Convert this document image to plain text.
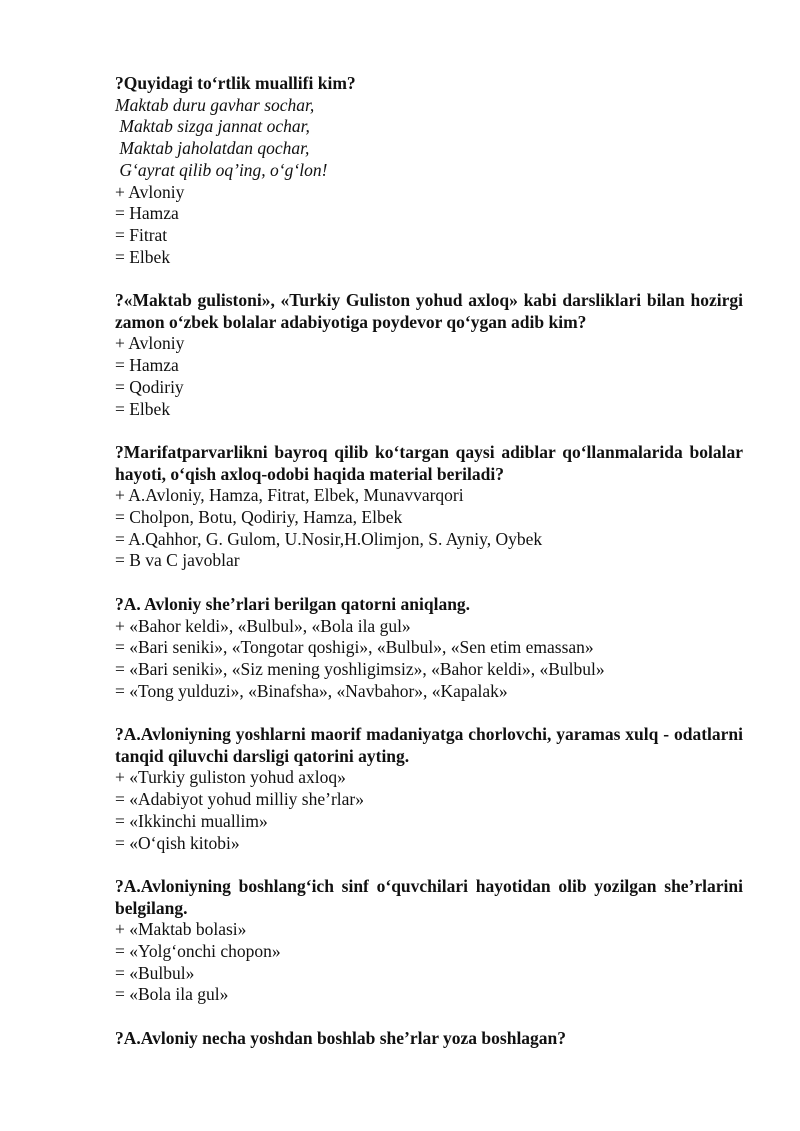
?Quyidagi to‘rtlik muallifi kim?
Maktab duru gavhar sochar,
Maktab sizga jannat ochar,
Maktab jaholatdan qochar,
G‘ayrat qilib oq’ing, o‘g‘lon!
+ Avloniy
= Hamza
= Fitrat
= Elbek
?«Maktab gulistoni», «Turkiy Guliston yohud axloq» kabi darsliklari bilan hozirgi zamon o‘zbek bolalar adabiyotiga poydevor qo‘ygan adib kim?
+ Avloniy
= Hamza
= Qodiriy
= Elbek
?Marifatparvarlikni bayroq qilib ko‘targan qaysi adiblar qo‘llanmalarida bolalar hayoti, o‘qish axloq-odobi haqida material beriladi?
+ A.Avloniy, Hamza, Fitrat, Elbek, Munavvarqori
= Cholpon, Botu, Qodiriy, Hamza, Elbek
= A.Qahhor, G. Gulom, U.Nosir,H.Olimjon, S. Ayniy, Oybek
= B va C javoblar
?A. Avloniy she’rlari berilgan qatorni aniqlang.
+ «Bahor keldi», «Bulbul», «Bola ila gul»
= «Bari seniki», «Tongotar qoshigi», «Bulbul», «Sen etim emassan»
= «Bari seniki», «Siz mening yoshligimsiz», «Bahor keldi», «Bulbul»
= «Tong yulduzi», «Binafsha», «Navbahor», «Kapalak»
?A.Avloniyning yoshlarni maorif madaniyatga chorlovchi, yaramas xulq - odatlarni tanqid qiluvchi darsligi qatorini ayting.
+ «Turkiy guliston yohud axloq»
= «Adabiyot yohud milliy she’rlar»
= «Ikkinchi muallim»
= «O‘qish kitobi»
?A.Avloniyning boshlang‘ich sinf o‘quvchilari hayotidan olib yozilgan she’rlarini belgilang.
+ «Maktab bolasi»
= «Yolg‘onchi chopon»
= «Bulbul»
= «Bola ila gul»
?A.Avloniy necha yoshdan boshlab she’rlar yoza boshlagan?
